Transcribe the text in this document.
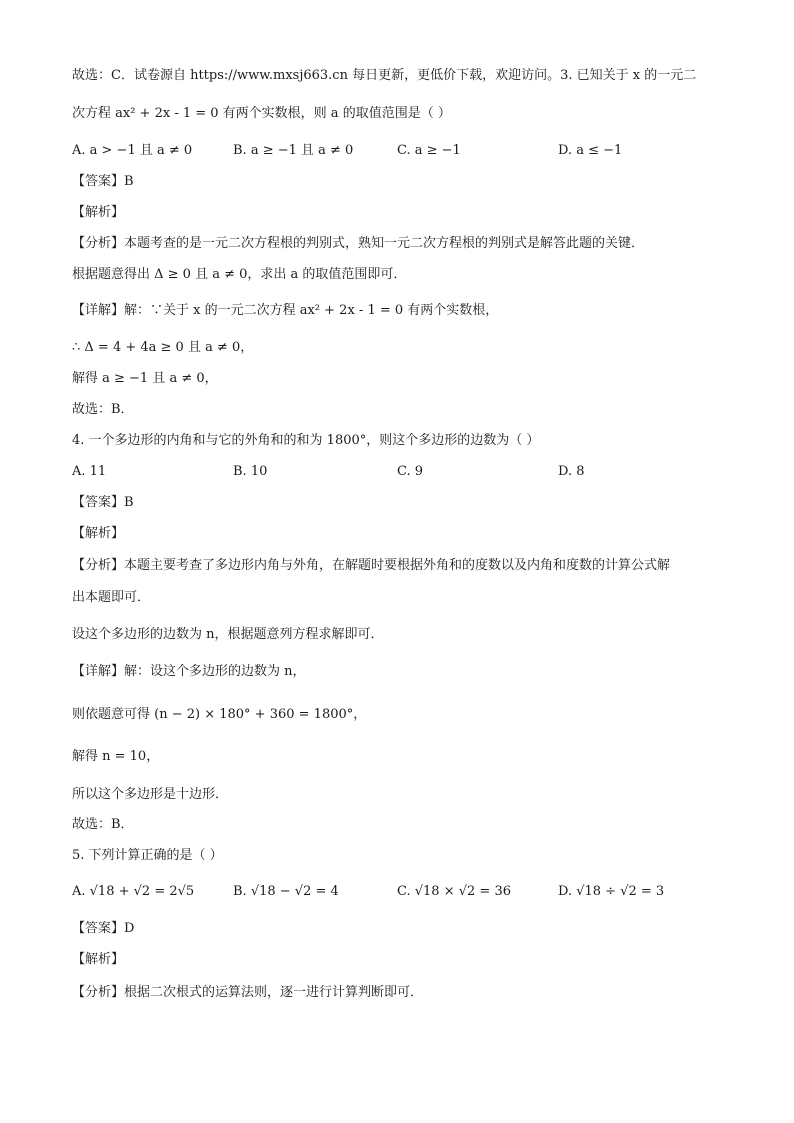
故选：C．试卷源自 https://www.mxsj663.cn 每日更新，更低价下载，欢迎访问。3. 已知关于 x 的一元二
次方程 ax² + 2x - 1 = 0 有两个实数根，则 a 的取值范围是（ ）
A. a > −1 且 a ≠ 0	B. a ≥ −1 且 a ≠ 0	C. a ≥ −1	D. a ≤ −1
【答案】B
【解析】
【分析】本题考查的是一元二次方程根的判别式，熟知一元二次方程根的判别式是解答此题的关键．
根据题意得出 Δ ≥ 0 且 a ≠ 0，求出 a 的取值范围即可．
【详解】解：∵关于 x 的一元二次方程 ax² + 2x - 1 = 0 有两个实数根，
∴ Δ = 4 + 4a ≥ 0 且 a ≠ 0，
解得 a ≥ −1 且 a ≠ 0，
故选：B．
4. 一个多边形的内角和与它的外角和的和为 1800°，则这个多边形的边数为（ ）
A. 11	B. 10	C. 9	D. 8
【答案】B
【解析】
【分析】本题主要考查了多边形内角与外角，在解题时要根据外角和的度数以及内角和度数的计算公式解
出本题即可．
设这个多边形的边数为 n，根据题意列方程求解即可．
【详解】解：设这个多边形的边数为 n，
则依题意可得 (n − 2) × 180° + 360 = 1800°，
解得 n = 10，
所以这个多边形是十边形．
故选：B．
5. 下列计算正确的是（ ）
A. √18 + √2 = 2√5	B. √18 − √2 = 4	C. √18 × √2 = 36	D. √18 ÷ √2 = 3
【答案】D
【解析】
【分析】根据二次根式的运算法则，逐一进行计算判断即可．
